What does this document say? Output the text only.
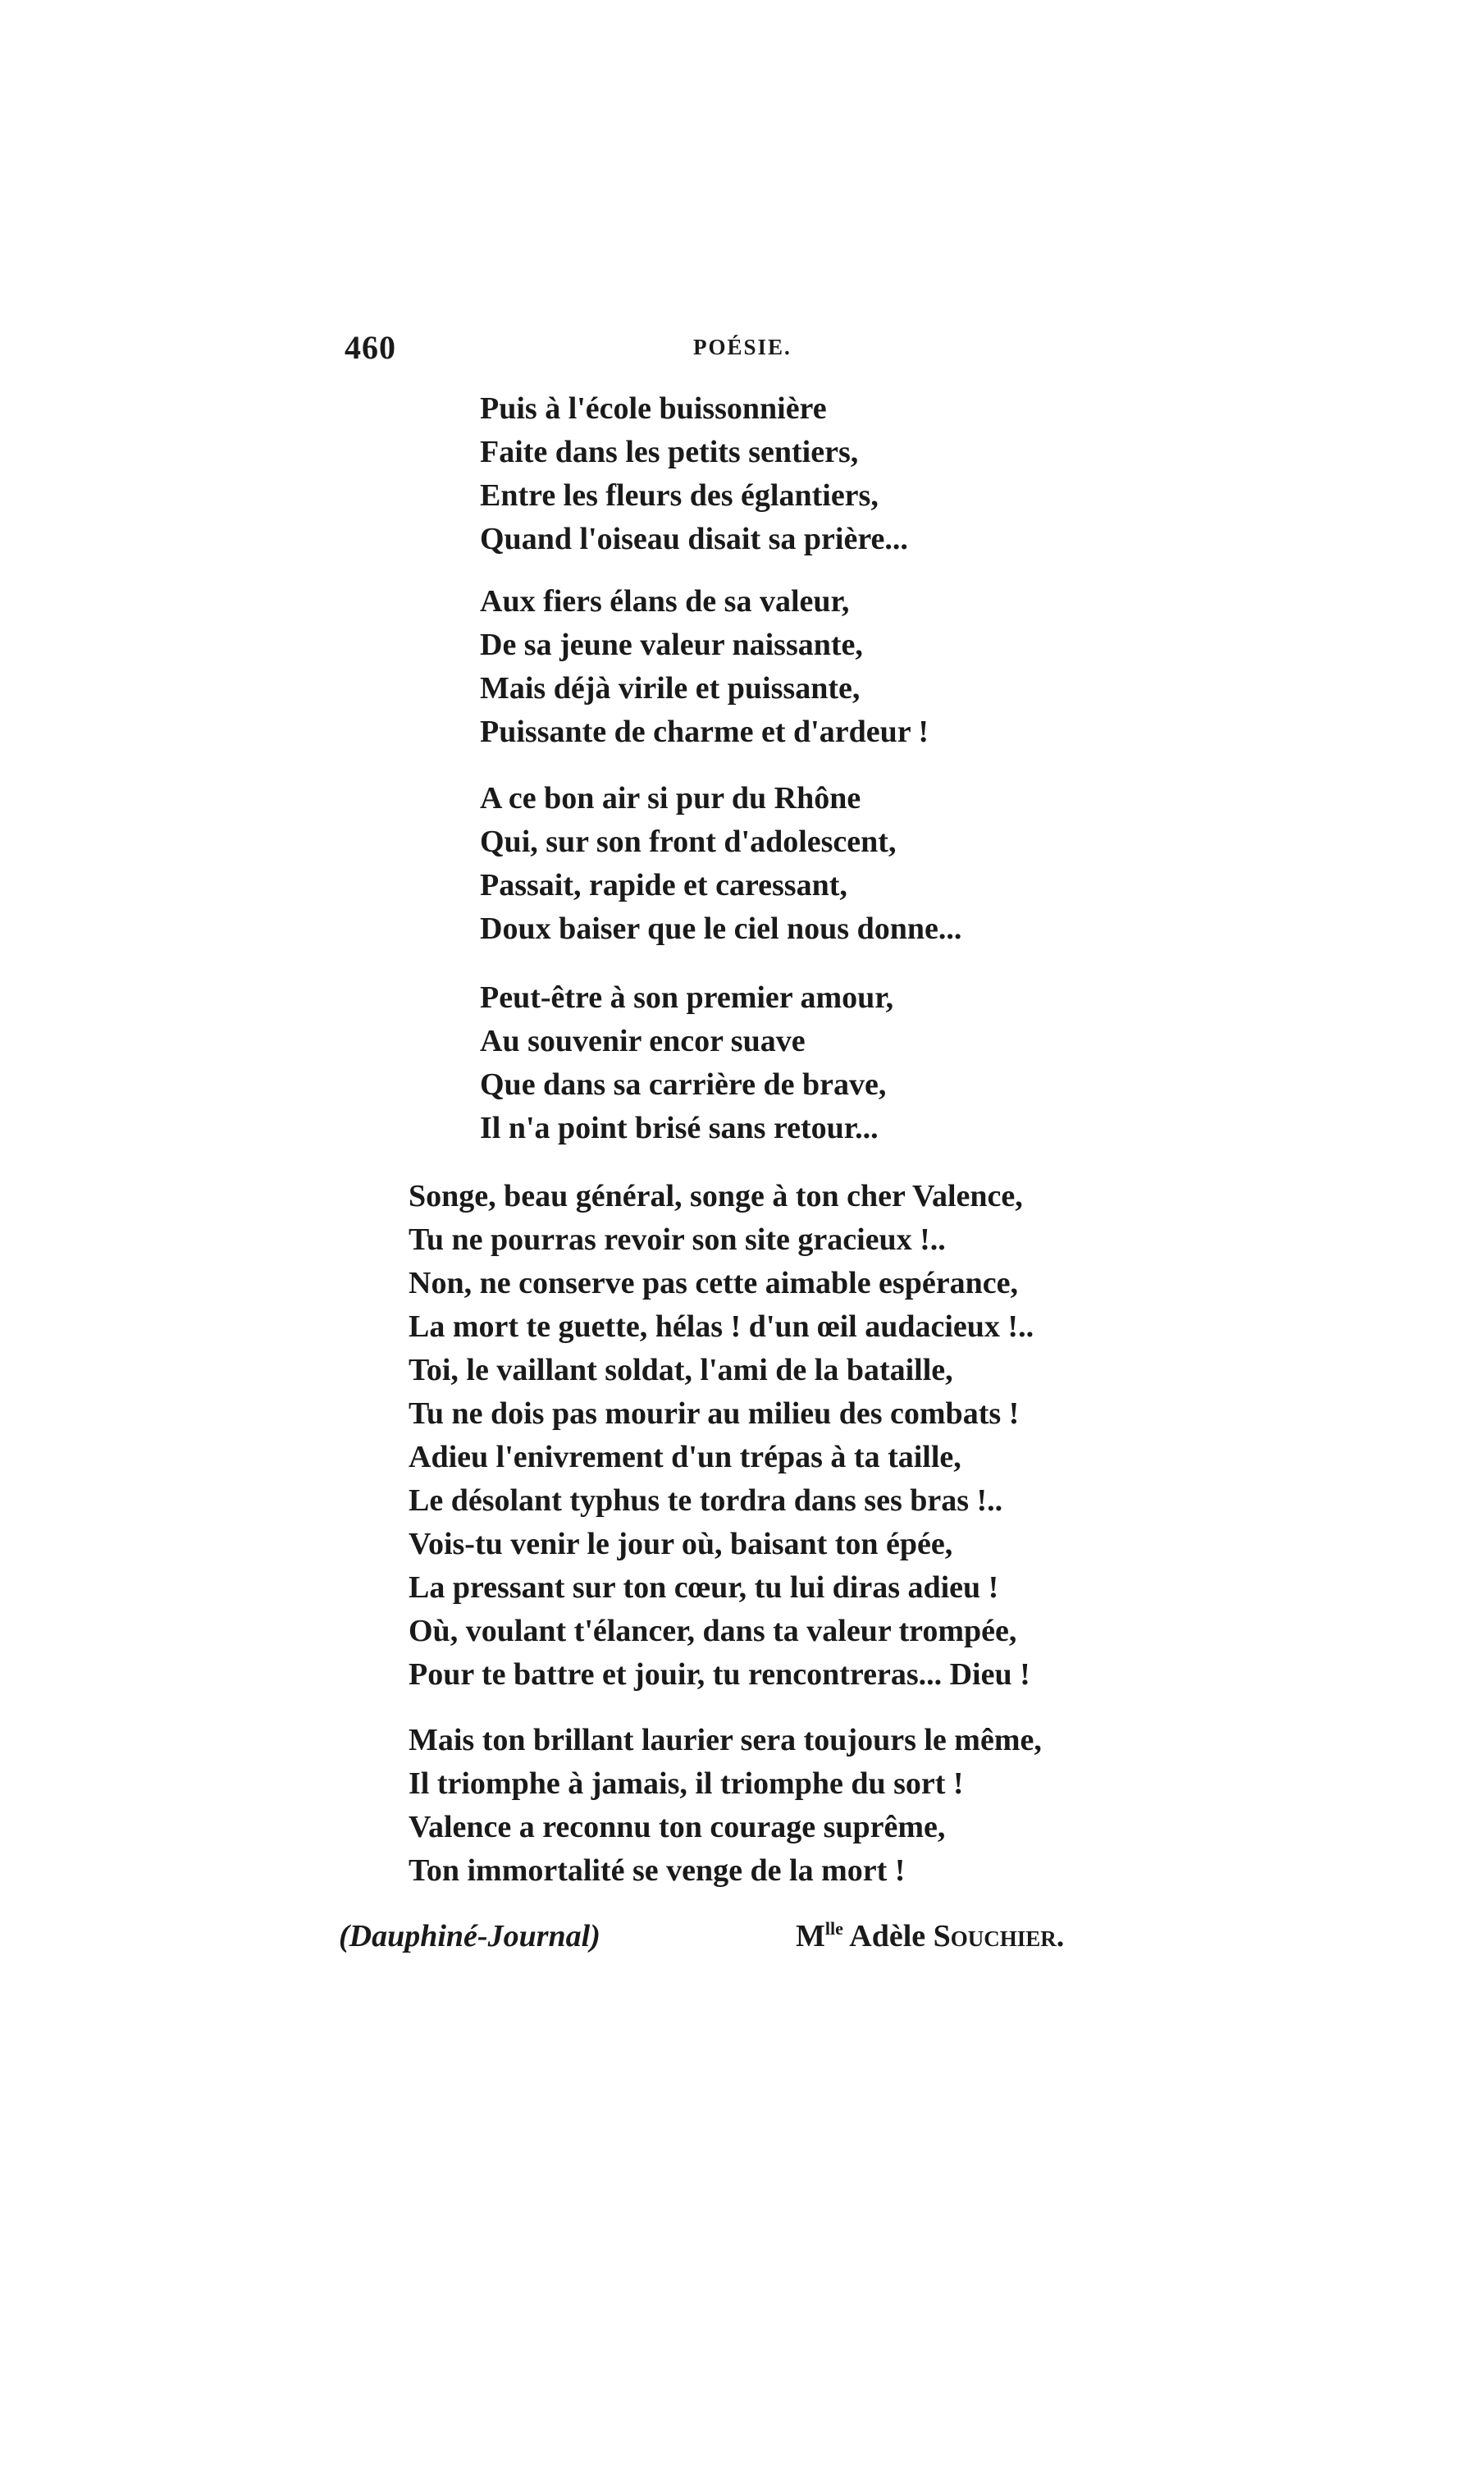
460	POÉSIE.
Puis à l'école buissonnière
Faite dans les petits sentiers,
Entre les fleurs des églantiers,
Quand l'oiseau disait sa prière...
Aux fiers élans de sa valeur,
De sa jeune valeur naissante,
Mais déjà virile et puissante,
Puissante de charme et d'ardeur !
A ce bon air si pur du Rhône
Qui, sur son front d'adolescent,
Passait, rapide et caressant,
Doux baiser que le ciel nous donne...
Peut-être à son premier amour,
Au souvenir encor suave
Que dans sa carrière de brave,
Il n'a point brisé sans retour...
Songe, beau général, songe à ton cher Valence,
Tu ne pourras revoir son site gracieux !..
Non, ne conserve pas cette aimable espérance,
La mort te guette, hélas ! d'un œil audacieux !..
Toi, le vaillant soldat, l'ami de la bataille,
Tu ne dois pas mourir au milieu des combats !
Adieu l'enivrement d'un trépas à ta taille,
Le désolant typhus te tordra dans ses bras !..
Vois-tu venir le jour où, baisant ton épée,
La pressant sur ton cœur, tu lui diras adieu !
Où, voulant t'élancer, dans ta valeur trompée,
Pour te battre et jouir, tu rencontreras... Dieu !
Mais ton brillant laurier sera toujours le même,
Il triomphe à jamais, il triomphe du sort !
Valence a reconnu ton courage suprême,
Ton immortalité se venge de la mort !
(Dauphiné-Journal)	$M^{lle}$ Adèle Souchier.
